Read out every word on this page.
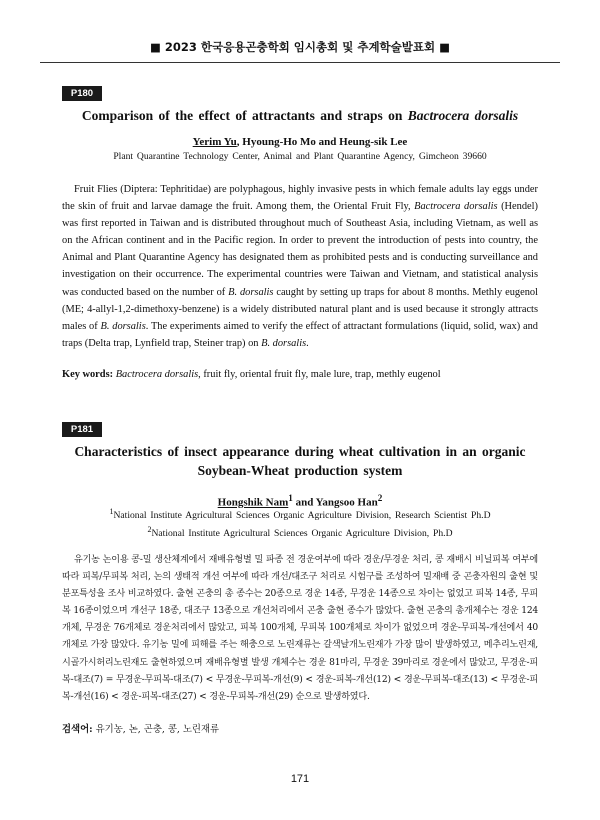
■ 2023 한국응용곤충학회 임시총회 및 추계학술발표회 ■
P180
Comparison of the effect of attractants and straps on Bactrocera dorsalis
Yerim Yu, Hyoung-Ho Mo and Heung-sik Lee
Plant Quarantine Technology Center, Animal and Plant Quarantine Agency, Gimcheon 39660
Fruit Flies (Diptera: Tephritidae) are polyphagous, highly invasive pests in which female adults lay eggs under the skin of fruit and larvae damage the fruit. Among them, the Oriental Fruit Fly, Bactrocera dorsalis (Hendel) was first reported in Taiwan and is distributed throughout much of Southeast Asia, including Vietnam, as well as on the African continent and in the Pacific region. In order to prevent the introduction of pests into country, the Animal and Plant Quarantine Agency has designated them as prohibited pests and is conducting surveillance and investigation on their occurrence. The experimental countries were Taiwan and Vietnam, and statistical analysis was conducted based on the number of B. dorsalis caught by setting up traps for about 8 months. Methly eugenol (ME; 4-allyl-1,2-dimethoxy-benzene) is a widely distributed natural plant and is used because it strongly attracts males of B. dorsalis. The experiments aimed to verify the effect of attractant formulations (liquid, solid, wax) and traps (Delta trap, Lynfield trap, Steiner trap) on B. dorsalis.
Key words: Bactrocera dorsalis, fruit fly, oriental fruit fly, male lure, trap, methly eugenol
P181
Characteristics of insect appearance during wheat cultivation in an organic
Soybean-Wheat production system
Hongshik Nam$^1$ and Yangsoo Han$^2$
$^1$National Institute Agricultural Sciences Organic Agriculture Division, Research Scientist Ph.D
$^2$National Institute Agricultural Sciences Organic Agriculture Division, Ph.D
유기농 논이용 콩-밀 생산체계에서 재배유형별 밀 파종 전 경운여부에 따라 경운/무경운 처리, 콩 재배시 비닐피복 여부에 따라 피복/무피복 처리, 논의 생태적 개선 여부에 따라 개선/대조구 처리로 시험구를 조성하여 밀재배 중 곤충자원의 출현 및 분포특성을 조사 비교하였다. 출현 곤충의 총 종수는 20종으로 경운 14종, 무경운 14종으로 차이는 없었고 피복 14종, 무피복 16종이었으며 개선구 18종, 대조구 13종으로 개선처리에서 곤충 출현 종수가 많았다. 출현 곤충의 총개체수는 경운 124개체, 무경운 76개체로 경운처리에서 많았고, 피복 100개체, 무피복 100개체로 차이가 없었으며 경운-무피복-개선에서 40개체로 가장 많았다. 유기농 밀에 피해를 주는 해충으로 노린재류는 갈색날개노린재가 가장 많이 발생하였고, 메추리노린재, 시골가시허리노린재도 출현하였으며 재배유형별 발생 개체수는 경운 81마리, 무경운 39마리로 경운에서 많았고, 무경운-피복-대조(7) = 무경운-무피복-대조(7) < 무경운-무피복-개선(9) < 경운-피복-개선(12) < 경운-무피복-대조(13) < 무경운-피복-개선(16) < 경운-피복-대조(27) < 경운-무피복-개선(29) 순으로 발생하였다.
검색어: 유기농, 논, 곤충, 콩, 노린재류
171
